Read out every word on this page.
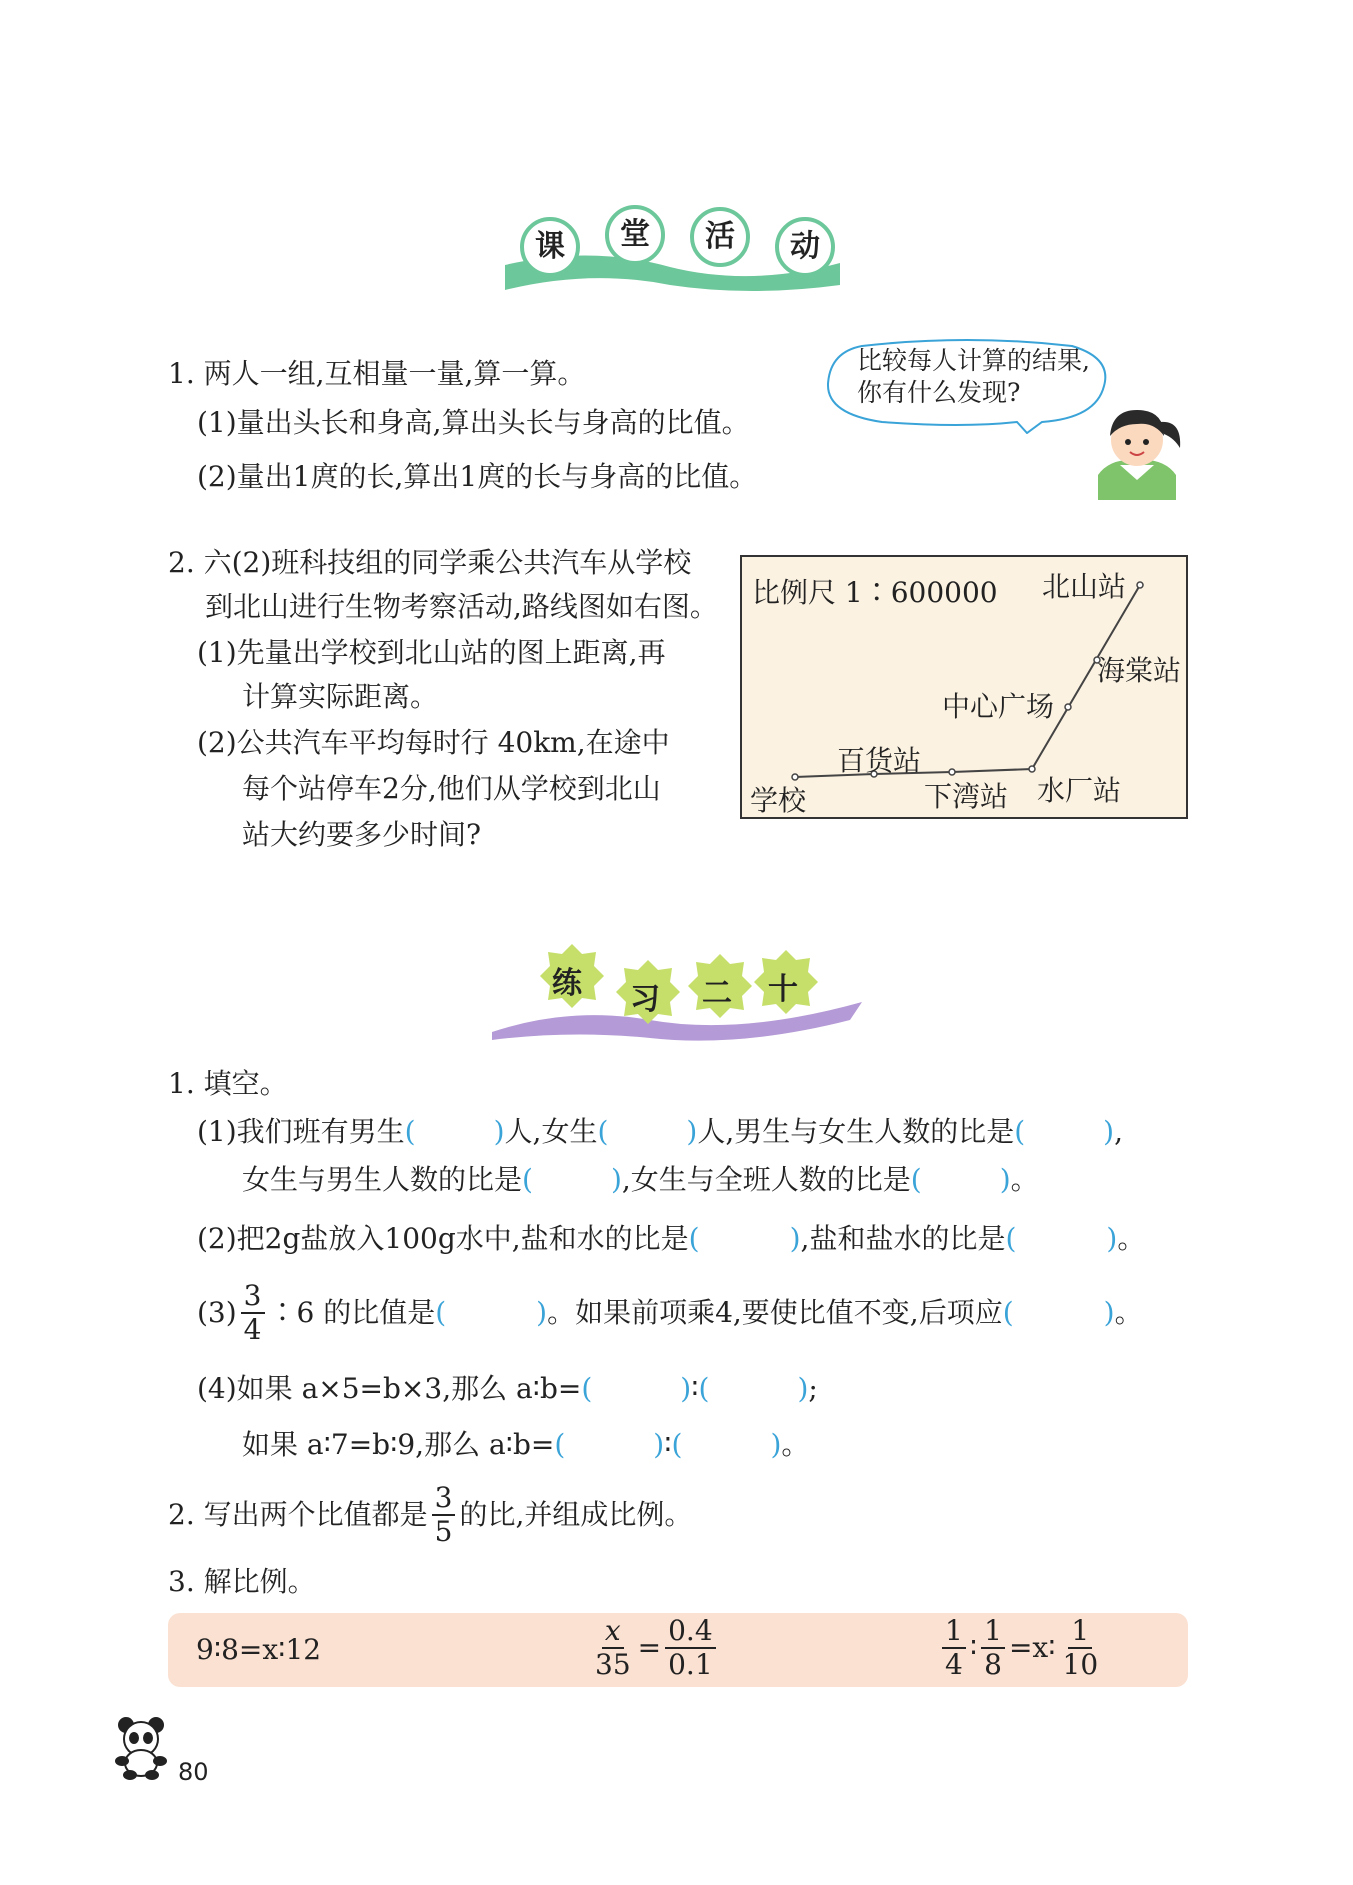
课	堂	活	动
比较每人计算的结果,
你有什么发现?
1. 两人一组,互相量一量,算一算。
(1)量出头长和身高,算出头长与身高的比值。
(2)量出1庹的长,算出1庹的长与身高的比值。
2. 六(2)班科技组的同学乘公共汽车从学校
到北山进行生物考察活动,路线图如右图。
(1)先量出学校到北山站的图上距离,再
计算实际距离。
(2)公共汽车平均每时行 40km,在途中
每个站停车2分,他们从学校到北山
站大约要多少时间?
比例尺 1∶600000 北山站
海棠站
中心广场
百货站
学校	下湾站 水厂站
练 习 二 十
1. 填空。
(1)我们班有男生(	)人,女生(	)人,男生与女生人数的比是(	),
女生与男生人数的比是(	),女生与全班人数的比是(	)。
(2)把2g盐放入100g水中,盐和水的比是(	),盐和盐水的比是(	)。
$(3) \frac{3}{4}$ ∶6 的比值是 (	) 。如果前项乘4,要使比值不变,后项应 (	) 。
(4)如果 a×5=b×3,那么 a∶b=(	)∶(	);
如果 a∶7=b∶9,那么 a∶b=(	)∶(	)。
2. 写出两个比值都是 $\frac{3}{5}$ 的比,并组成比例。
3. 解比例。
9∶8=x∶12	$\frac{x}{35} = \frac{0.4}{0.1}$	$\frac{1}{4}$ ∶ $\frac{1}{8}$ =x∶ $\frac{1}{10}$
80
